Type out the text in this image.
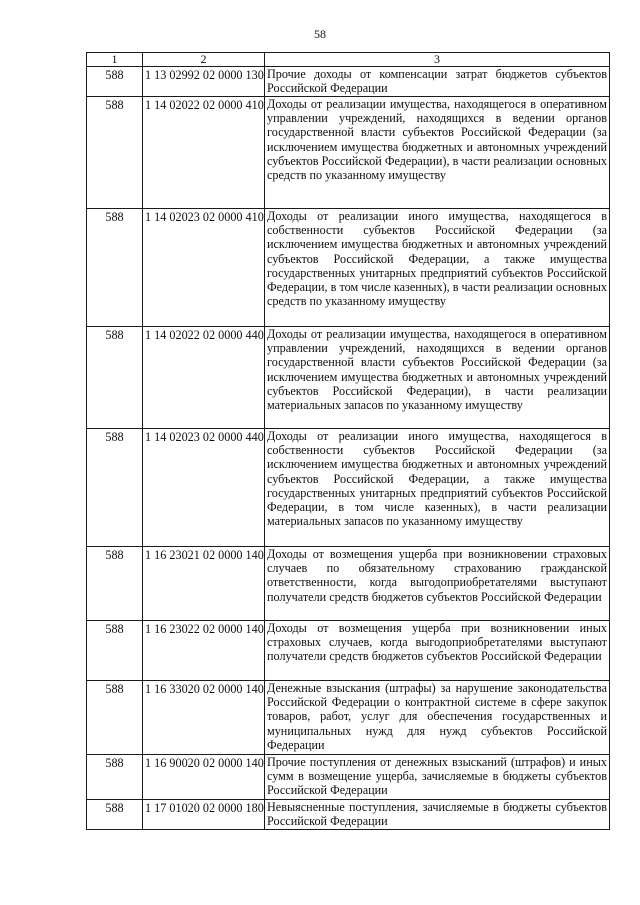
58
1	2	3
588	1 13 02992 02 0000 130	Прочие доходы от компенсации затрат бюджетов субъектов Российской Федерации
588	1 14 02022 02 0000 410	Доходы от реализации имущества, находящегося в оперативном управлении учреждений, находящихся в ведении органов государственной власти субъектов Российской Федерации (за исключением имущества бюджетных и автономных учреждений субъектов Российской Федерации), в части реализации основных средств по указанному имуществу
588	1 14 02023 02 0000 410	Доходы от реализации иного имущества, находящегося в собственности субъектов Российской Федерации (за исключением имущества бюджетных и автономных учреждений субъектов Российской Федерации, а также имущества государственных унитарных предприятий субъектов Российской Федерации, в том числе казенных), в части реализации основных средств по указанному имуществу
588	1 14 02022 02 0000 440	Доходы от реализации имущества, находящегося в оперативном управлении учреждений, находящихся в ведении органов государственной власти субъектов Российской Федерации (за исключением имущества бюджетных и автономных учреждений субъектов Российской Федерации), в части реализации материальных запасов по указанному имуществу
588	1 14 02023 02 0000 440	Доходы от реализации иного имущества, находящегося в собственности субъектов Российской Федерации (за исключением имущества бюджетных и автономных учреждений субъектов Российской Федерации, а также имущества государственных унитарных предприятий субъектов Российской Федерации, в том числе казенных), в части реализации материальных запасов по указанному имуществу
588	1 16 23021 02 0000 140	Доходы от возмещения ущерба при возникновении страховых случаев по обязательному страхованию гражданской ответственности, когда выгодоприобретателями выступают получатели средств бюджетов субъектов Российской Федерации
588	1 16 23022 02 0000 140	Доходы от возмещения ущерба при возникновении иных страховых случаев, когда выгодоприобретателями выступают получатели средств бюджетов субъектов Российской Федерации
588	1 16 33020 02 0000 140	Денежные взыскания (штрафы) за нарушение законодательства Российской Федерации о контрактной системе в сфере закупок товаров, работ, услуг для обеспечения государственных и муниципальных нужд для нужд субъектов Российской Федерации
588	1 16 90020 02 0000 140	Прочие поступления от денежных взысканий (штрафов) и иных сумм в возмещение ущерба, зачисляемые в бюджеты субъектов Российской Федерации
588	1 17 01020 02 0000 180	Невыясненные поступления, зачисляемые в бюджеты субъектов Российской Федерации
